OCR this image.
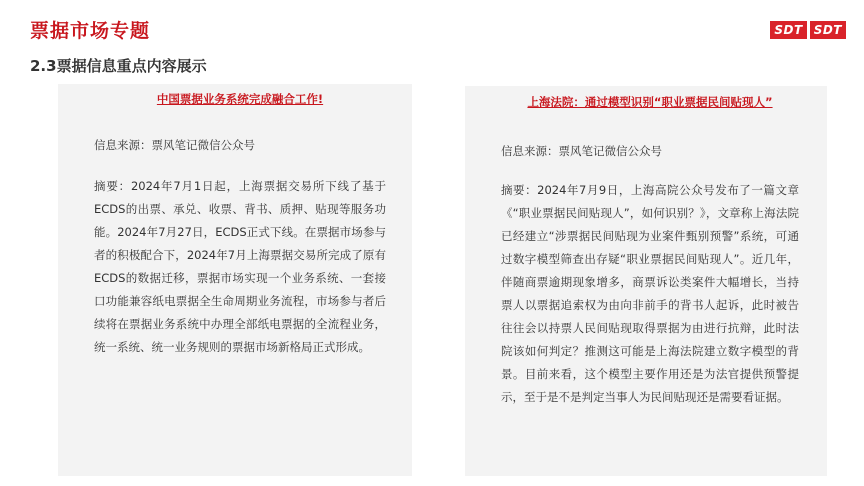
票据市场专题
2.3票据信息重点内容展示
SDT SDT

中国票据业务系统完成融合工作!

信息来源：票风笔记微信公众号

摘要：2024年7月1日起，上海票据交易所下线了基于ECDS的出票、承兑、收票、背书、质押、贴现等服务功能。2024年7月27日，ECDS正式下线。在票据市场参与者的积极配合下，2024年7月上海票据交易所完成了原有ECDS的数据迁移，票据市场实现一个业务系统、一套接口功能兼容纸电票据全生命周期业务流程，市场参与者后续将在票据业务系统中办理全部纸电票据的全流程业务，统一系统、统一业务规则的票据市场新格局正式形成。

上海法院：通过模型识别“职业票据民间贴现人”

信息来源：票风笔记微信公众号

摘要：2024年7月9日，上海高院公众号发布了一篇文章《“职业票据民间贴现人”，如何识别？》，文章称上海法院已经建立“涉票据民间贴现为业案件甄别预警”系统，可通过数字模型筛查出存疑“职业票据民间贴现人”。近几年，伴随商票逾期现象增多，商票诉讼类案件大幅增长，当持票人以票据追索权为由向非前手的背书人起诉，此时被告往往会以持票人民间贴现取得票据为由进行抗辩，此时法院该如何判定？推测这可能是上海法院建立数字模型的背景。目前来看，这个模型主要作用还是为法官提供预警提示，至于是不是判定当事人为民间贴现还是需要看证据。
